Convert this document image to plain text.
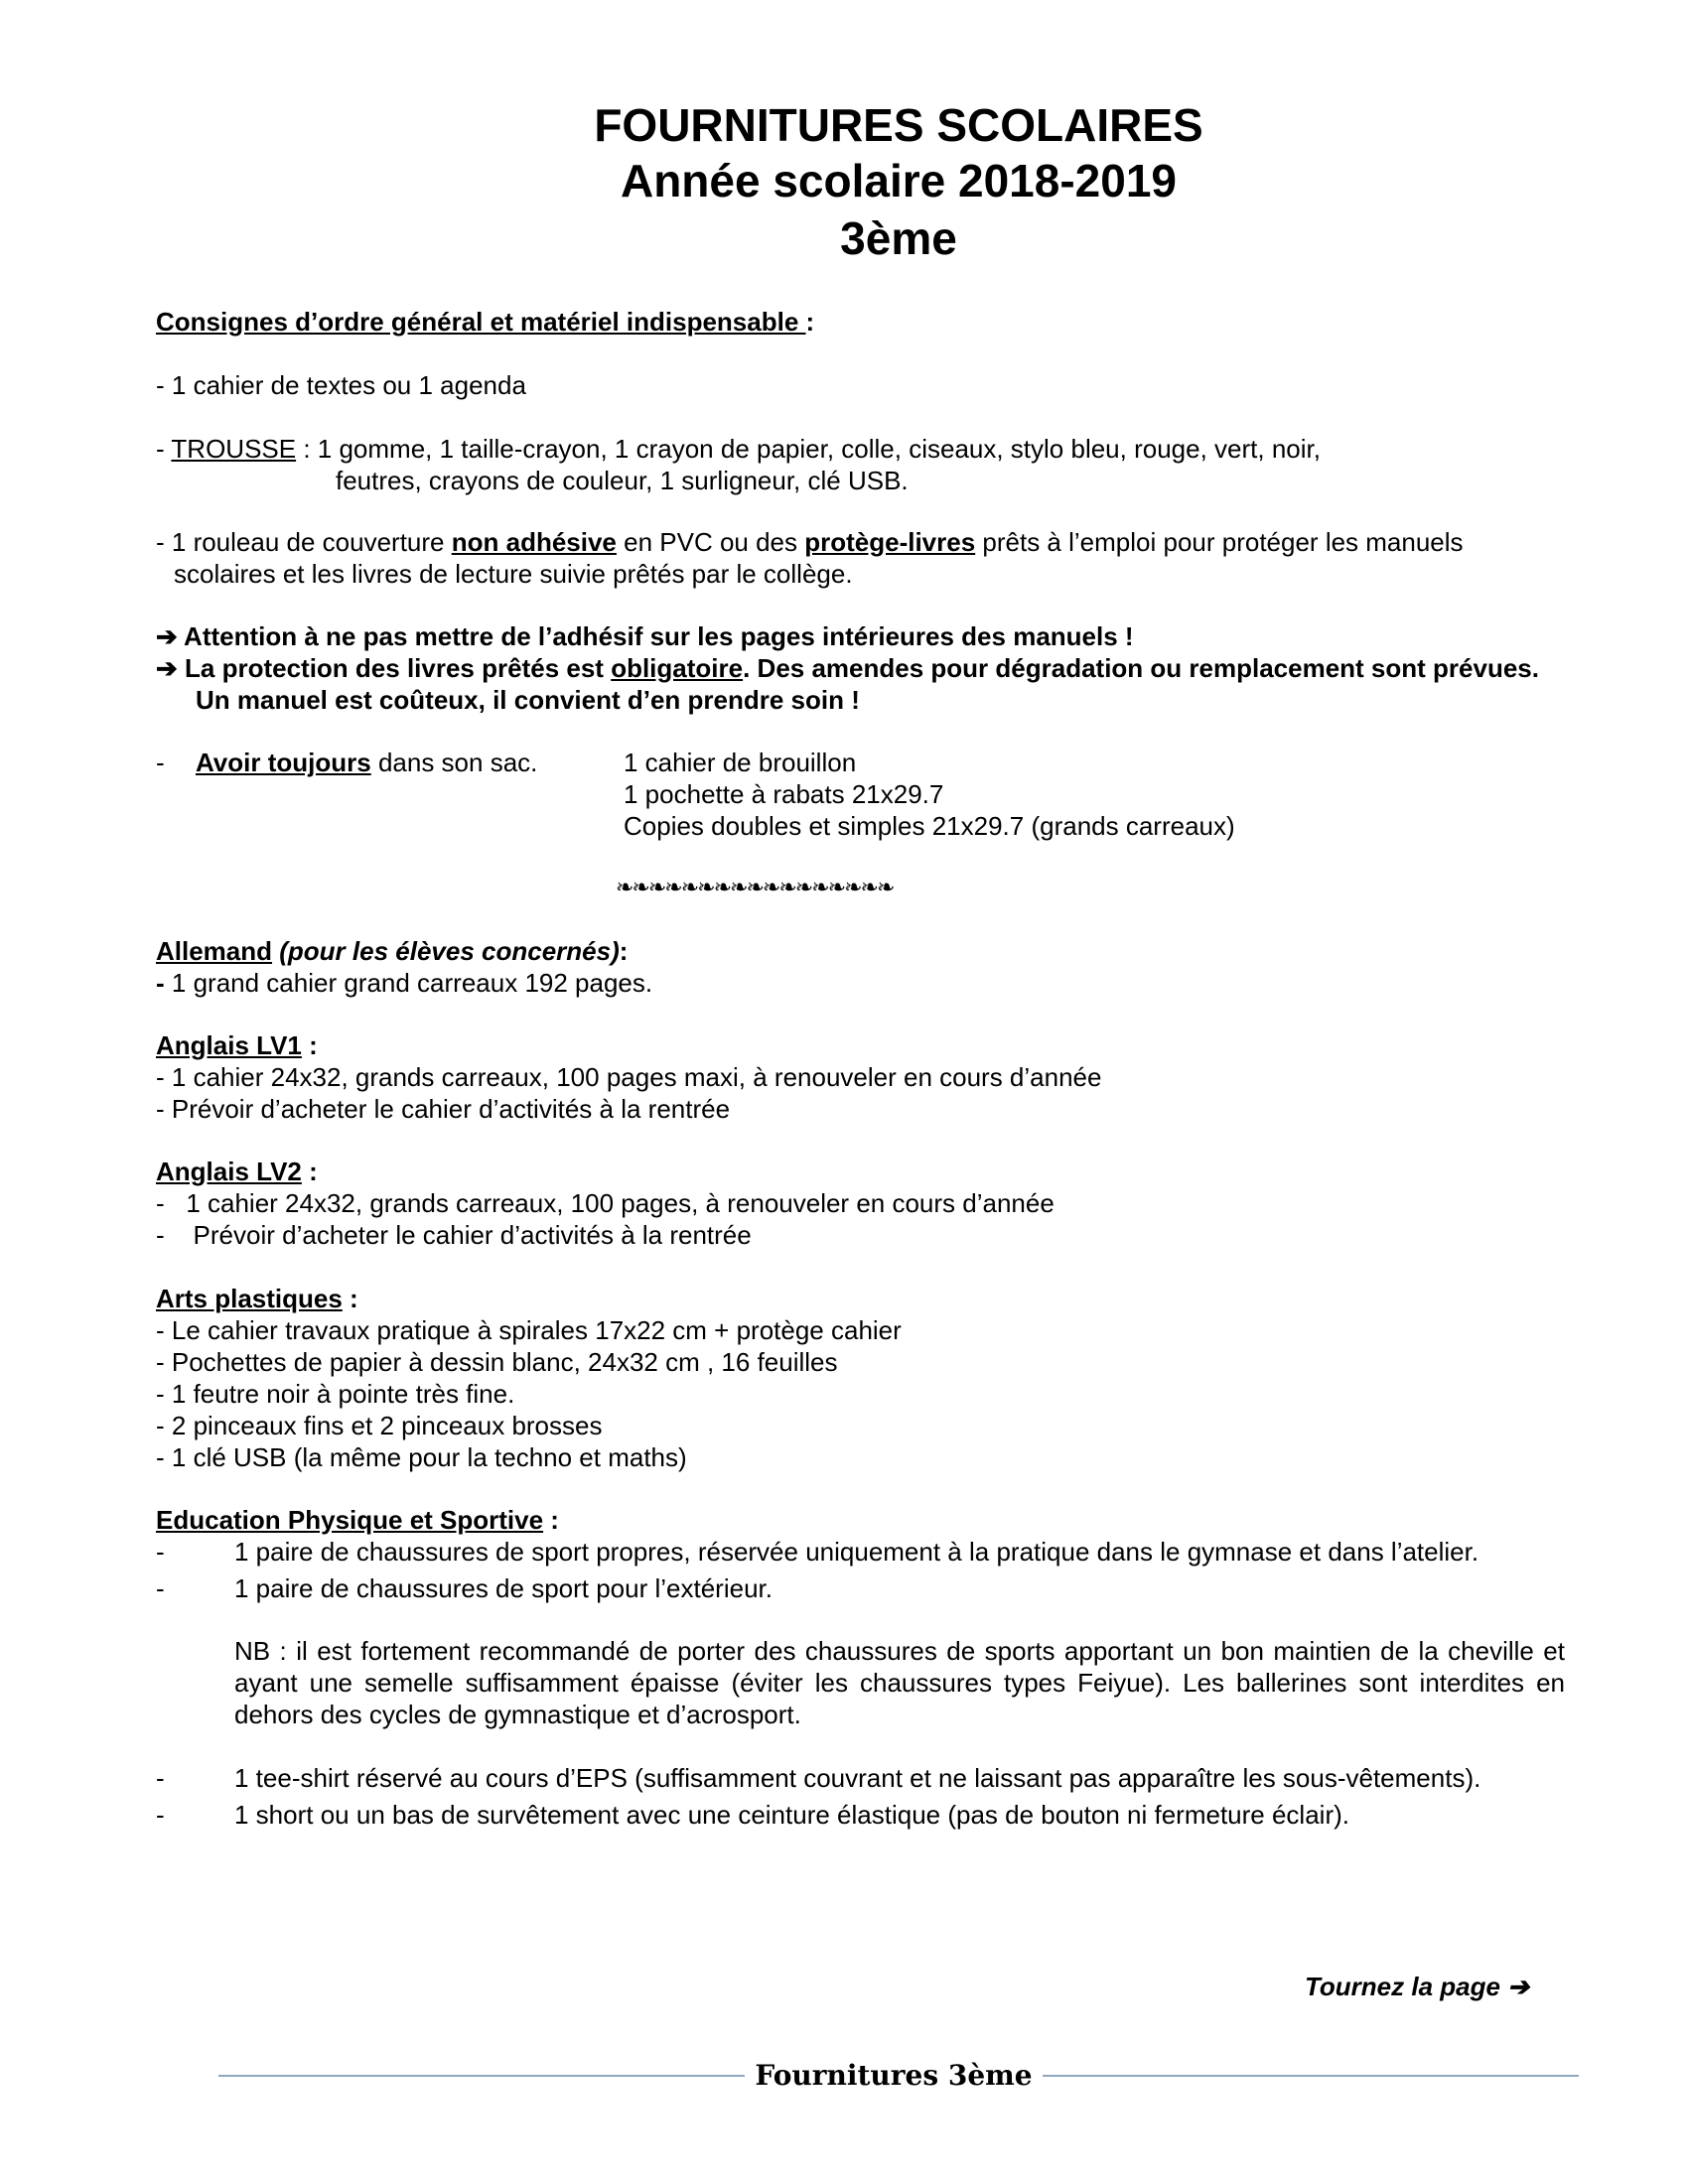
FOURNITURES SCOLAIRES
Année scolaire 2018-2019
3ème
Consignes d’ordre général et matériel indispensable :
- 1 cahier de textes ou 1 agenda
- TROUSSE : 1 gomme, 1 taille-crayon, 1 crayon de papier, colle, ciseaux, stylo bleu, rouge, vert, noir,
feutres, crayons de couleur, 1 surligneur, clé USB.
- 1 rouleau de couverture non adhésive en PVC ou des protège-livres prêts à l’emploi pour protéger les manuels
scolaires et les livres de lecture suivie prêtés par le collège.
➔ Attention à ne pas mettre de l’adhésif sur les pages intérieures des manuels !
➔ La protection des livres prêtés est obligatoire. Des amendes pour dégradation ou remplacement sont prévues.
Un manuel est coûteux, il convient d’en prendre soin !
- Avoir toujours dans son sac.	1 cahier de brouillon
1 pochette à rabats 21x29.7
Copies doubles et simples 21x29.7 (grands carreaux)
❧❧❧❧❧❧❧❧❧❧❧❧❧❧❧❧❧
Allemand (pour les élèves concernés):
- 1 grand cahier grand carreaux 192 pages.
Anglais LV1 :
- 1 cahier 24x32, grands carreaux, 100 pages maxi, à renouveler en cours d’année
- Prévoir d’acheter le cahier d’activités à la rentrée
Anglais LV2 :
-   1 cahier 24x32, grands carreaux, 100 pages, à renouveler en cours d’année
-    Prévoir d’acheter le cahier d’activités à la rentrée
Arts plastiques :
- Le cahier travaux pratique à spirales 17x22 cm + protège cahier
- Pochettes de papier à dessin blanc, 24x32 cm , 16 feuilles
- 1 feutre noir à pointe très fine.
- 2 pinceaux fins et 2 pinceaux brosses
- 1 clé USB (la même pour la techno et maths)
Education Physique et Sportive :
-	1 paire de chaussures de sport propres, réservée uniquement à la pratique dans le gymnase et dans l’atelier.
-	1 paire de chaussures de sport pour l’extérieur.
NB : il est fortement recommandé de porter des chaussures de sports apportant un bon maintien de la cheville et ayant une semelle suffisamment épaisse (éviter les chaussures types Feiyue). Les ballerines sont interdites en dehors des cycles de gymnastique et d’acrosport.
-	1 tee-shirt réservé au cours d’EPS (suffisamment couvrant et ne laissant pas apparaître les sous-vêtements).
-	1 short ou un bas de survêtement avec une ceinture élastique (pas de bouton ni fermeture éclair).
Tournez la page ➔
Fournitures 3ème
